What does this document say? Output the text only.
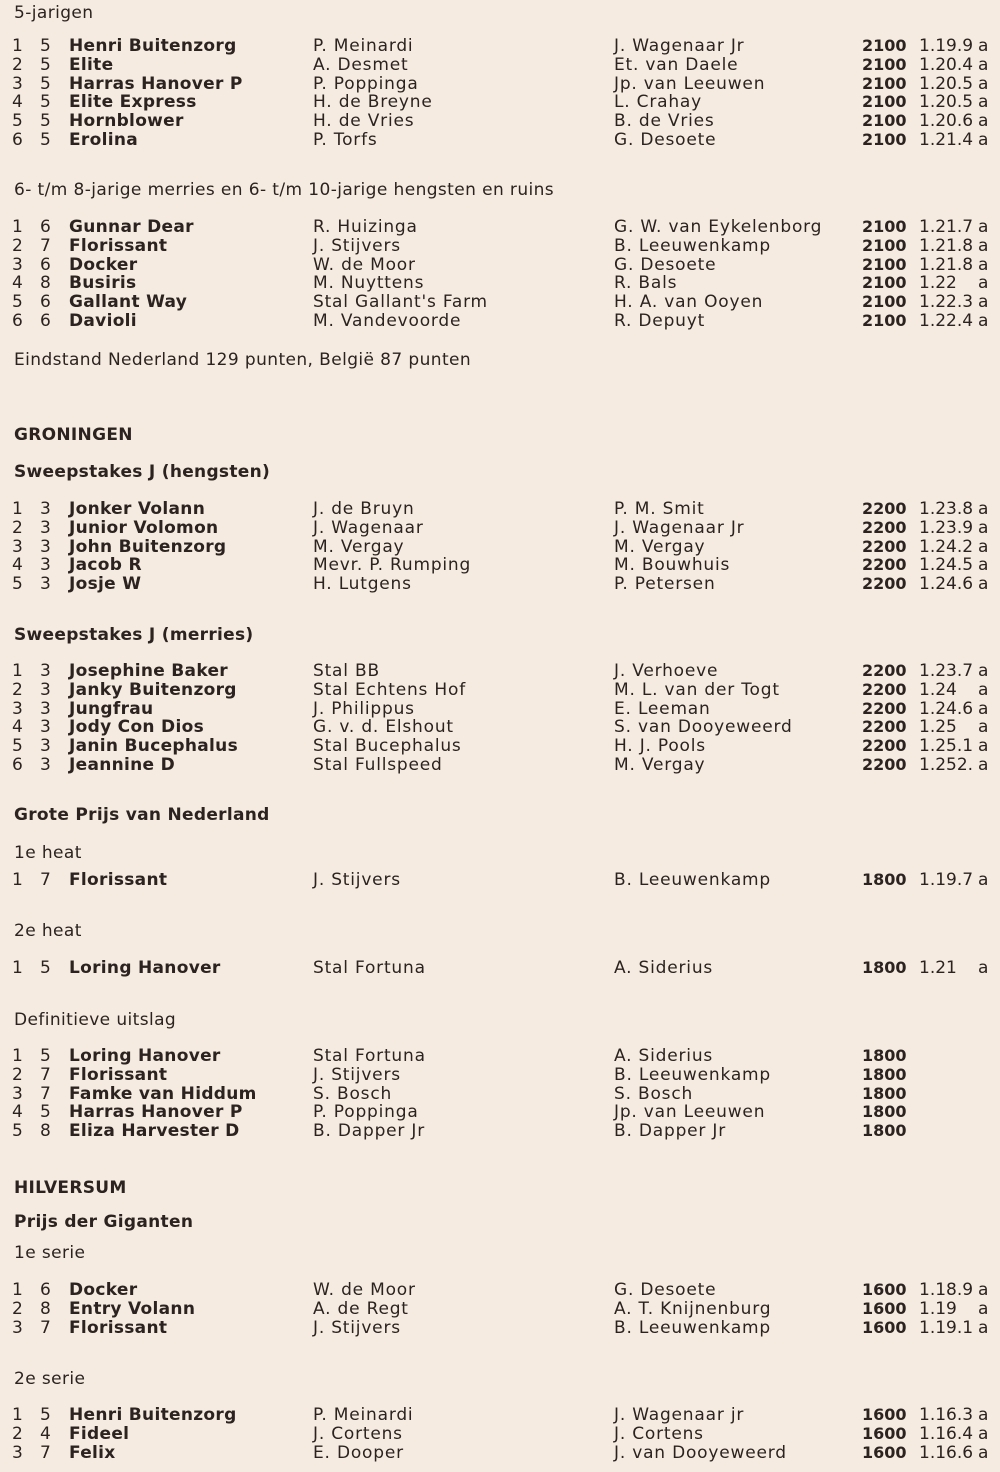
5-jarigen
1 5 Henri Buitenzorg	P. Meinardi	J. Wagenaar Jr	2100 1.19.9 a
2 5 Elite	A. Desmet	Et. van Daele	2100 1.20.4 a
3 5 Harras Hanover P	P. Poppinga	Jp. van Leeuwen	2100 1.20.5 a
4 5 Elite Express	H. de Breyne	L. Crahay	2100 1.20.5 a
5 5 Hornblower	H. de Vries	B. de Vries	2100 1.20.6 a
6 5 Erolina	P. Torfs	G. Desoete	2100 1.21.4 a
6- t/m 8-jarige merries en 6- t/m 10-jarige hengsten en ruins
1 6 Gunnar Dear	R. Huizinga	G. W. van Eykelenborg 2100 1.21.7 a
2 7 Florissant	J. Stijvers	B. Leeuwenkamp	2100 1.21.8 a
3 6 Docker	W. de Moor	G. Desoete	2100 1.21.8 a
4 8 Busiris	M. Nuyttens	R. Bals	2100 1.22 a
5 6 Gallant Way	Stal Gallant's Farm	H. A. van Ooyen	2100 1.22.3 a
6 6 Davioli	M. Vandevoorde	R. Depuyt	2100 1.22.4 a
Eindstand Nederland 129 punten, België 87 punten
GRONINGEN
Sweepstakes J (hengsten)
1 3 Jonker Volann	J. de Bruyn	P. M. Smit	2200 1.23.8 a
2 3 Junior Volomon	J. Wagenaar	J. Wagenaar Jr	2200 1.23.9 a
3 3 John Buitenzorg	M. Vergay	M. Vergay	2200 1.24.2 a
4 3 Jacob R	Mevr. P. Rumping	M. Bouwhuis	2200 1.24.5 a
5 3 Josje W	H. Lutgens	P. Petersen	2200 1.24.6 a
Sweepstakes J (merries)
1 3 Josephine Baker	Stal BB	J. Verhoeve	2200 1.23.7 a
2 3 Janky Buitenzorg	Stal Echtens Hof	M. L. van der Togt	2200 1.24 a
3 3 Jungfrau	J. Philippus	E. Leeman	2200 1.24.6 a
4 3 Jody Con Dios	G. v. d. Elshout	S. van Dooyeweerd	2200 1.25 a
5 3 Janin Bucephalus	Stal Bucephalus	H. J. Pools	2200 1.25.1 a
6 3 Jeannine D	Stal Fullspeed	M. Vergay	2200 1.252. a
Grote Prijs van Nederland
1e heat
1 7 Florissant	J. Stijvers	B. Leeuwenkamp	1800 1.19.7 a
2e heat
1 5 Loring Hanover	Stal Fortuna	A. Siderius	1800 1.21 a
Definitieve uitslag
1 5 Loring Hanover	Stal Fortuna	A. Siderius	1800
2 7 Florissant	J. Stijvers	B. Leeuwenkamp	1800
3 7 Famke van Hiddum	S. Bosch	S. Bosch	1800
4 5 Harras Hanover P	P. Poppinga	Jp. van Leeuwen	1800
5 8 Eliza Harvester D	B. Dapper Jr	B. Dapper Jr	1800
HILVERSUM
Prijs der Giganten
1e serie
1 6 Docker	W. de Moor	G. Desoete	1600 1.18.9 a
2 8 Entry Volann	A. de Regt	A. T. Knijnenburg	1600 1.19 a
3 7 Florissant	J. Stijvers	B. Leeuwenkamp	1600 1.19.1 a
2e serie
1 5 Henri Buitenzorg	P. Meinardi	J. Wagenaar jr	1600 1.16.3 a
2 4 Fideel	J. Cortens	J. Cortens	1600 1.16.4 a
3 7 Felix	E. Dooper	J. van Dooyeweerd	1600 1.16.6 a
